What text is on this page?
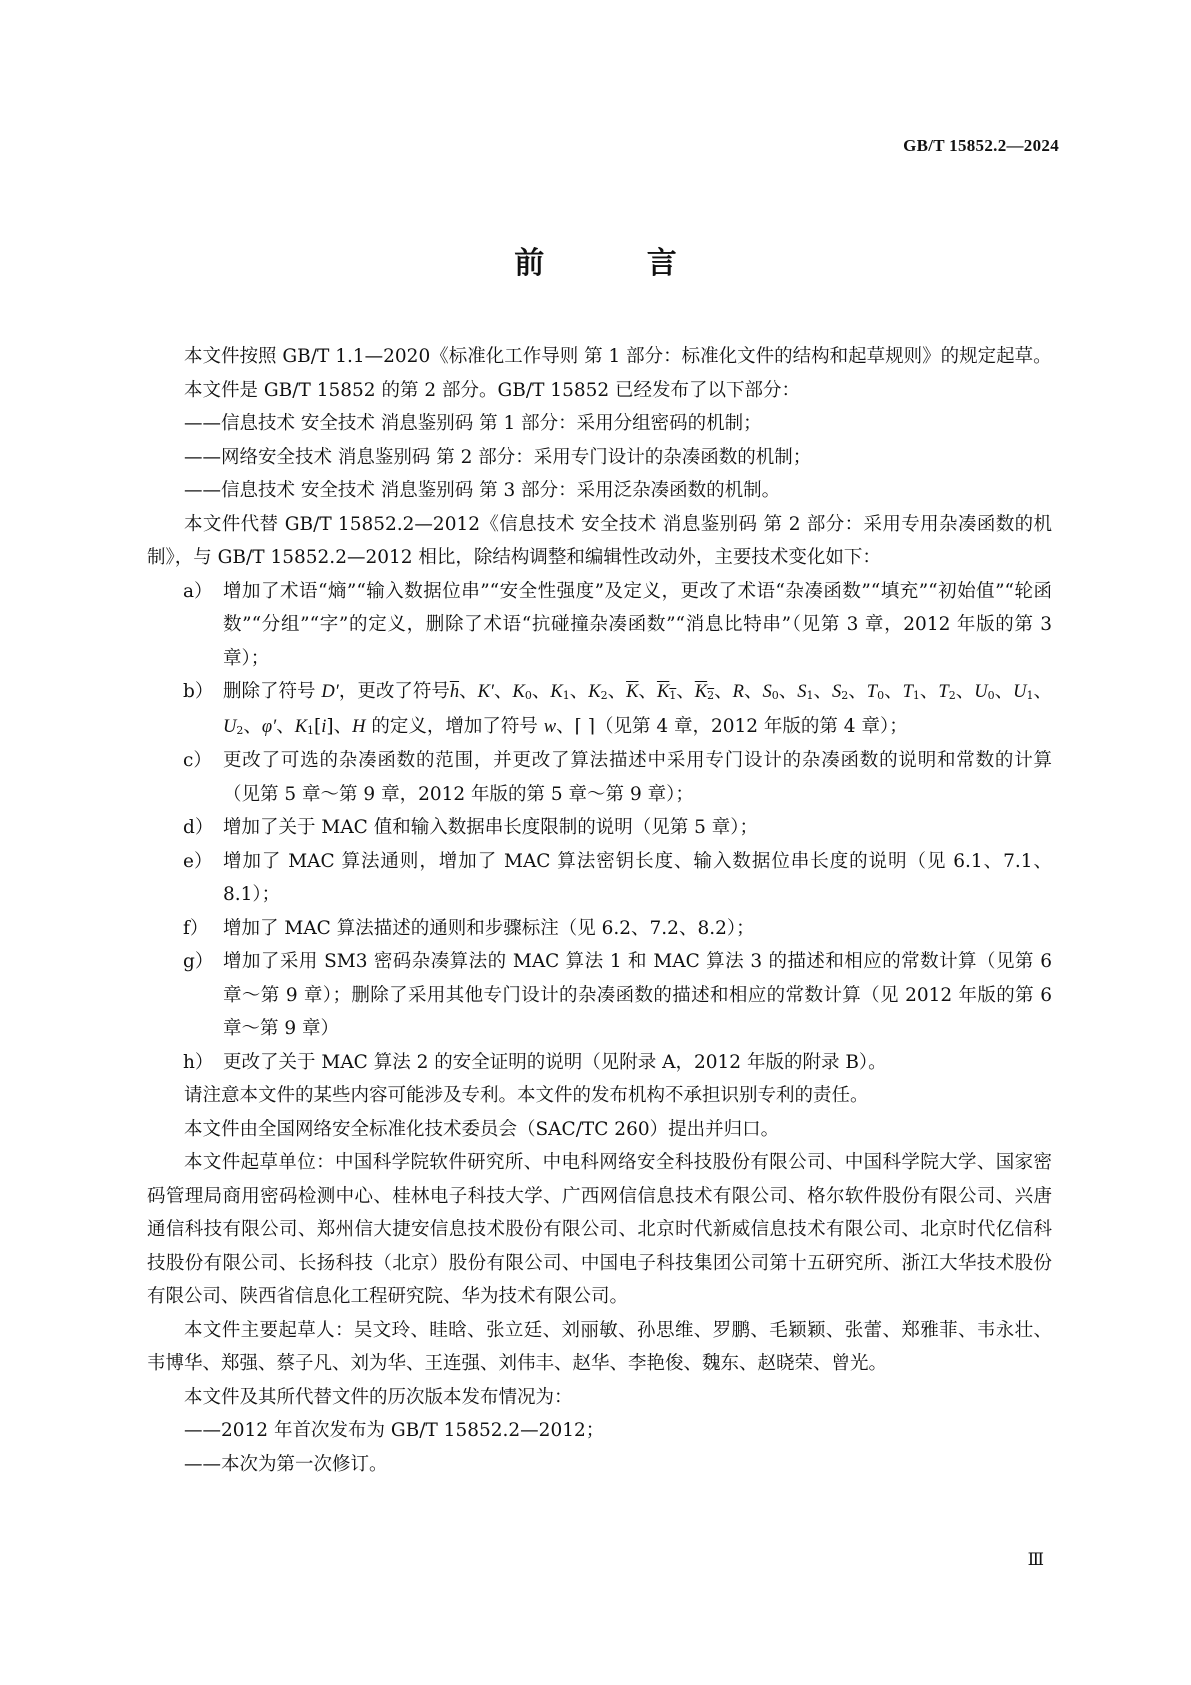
GB/T 15852.2—2024
前 言

本文件按照 GB/T 1.1—2020《标准化工作导则 第 1 部分：标准化文件的结构和起草规则》的规定起草。

本文件是 GB/T 15852 的第 2 部分。GB/T 15852 已经发布了以下部分：

——信息技术 安全技术 消息鉴别码 第 1 部分：采用分组密码的机制；

——网络安全技术 消息鉴别码 第 2 部分：采用专门设计的杂凑函数的机制；

——信息技术 安全技术 消息鉴别码 第 3 部分：采用泛杂凑函数的机制。

本文件代替 GB/T 15852.2—2012《信息技术 安全技术 消息鉴别码 第 2 部分：采用专用杂凑函数的机制》，与 GB/T 15852.2—2012 相比，除结构调整和编辑性改动外，主要技术变化如下：

a） 增加了术语“熵”“输入数据位串”“安全性强度”及定义，更改了术语“杂凑函数”“填充”“初始值”“轮函数”“分组”“字”的定义，删除了术语“抗碰撞杂凑函数”“消息比特串”（见第 3 章，2012 年版的第 3 章）；
b） 删除了符号 D′，更改了符号$\overline{h}$、K′、$K_0$、$K_1$、$K_2$、$\overline{K}$、$K_1$、$K_2$、R、$S_0$、$S_1$、$S_2$、$T_0$、$T_1$、$T_2$、$U_0$、$U_1$、$U_2$、φ′、$K_1[i]$、H 的定义，增加了符号 w、⌈ ⌉（见第 4 章，2012 年版的第 4 章）；
c） 更改了可选的杂凑函数的范围，并更改了算法描述中采用专门设计的杂凑函数的说明和常数的计算（见第 5 章～第 9 章，2012 年版的第 5 章～第 9 章）；
d） 增加了关于 MAC 值和输入数据串长度限制的说明（见第 5 章）；
e） 增加了 MAC 算法通则，增加了 MAC 算法密钥长度、输入数据位串长度的说明（见 6.1、7.1、8.1）；
f） 增加了 MAC 算法描述的通则和步骤标注（见 6.2、7.2、8.2）；
g） 增加了采用 SM3 密码杂凑算法的 MAC 算法 1 和 MAC 算法 3 的描述和相应的常数计算（见第 6 章～第 9 章）；删除了采用其他专门设计的杂凑函数的描述和相应的常数计算（见 2012 年版的第 6 章～第 9 章）
h） 更改了关于 MAC 算法 2 的安全证明的说明（见附录 A，2012 年版的附录 B）。

请注意本文件的某些内容可能涉及专利。本文件的发布机构不承担识别专利的责任。

本文件由全国网络安全标准化技术委员会（SAC/TC 260）提出并归口。

本文件起草单位：中国科学院软件研究所、中电科网络安全科技股份有限公司、中国科学院大学、国家密码管理局商用密码检测中心、桂林电子科技大学、广西网信信息技术有限公司、格尔软件股份有限公司、兴唐通信科技有限公司、郑州信大捷安信息技术股份有限公司、北京时代新威信息技术有限公司、北京时代亿信科技股份有限公司、长扬科技（北京）股份有限公司、中国电子科技集团公司第十五研究所、浙江大华技术股份有限公司、陕西省信息化工程研究院、华为技术有限公司。

本文件主要起草人：吴文玲、眭晗、张立廷、刘丽敏、孙思维、罗鹏、毛颖颖、张蕾、郑雅菲、韦永壮、韦博华、郑强、蔡子凡、刘为华、王连强、刘伟丰、赵华、李艳俊、魏东、赵晓荣、曾光。

本文件及其所代替文件的历次版本发布情况为：

——2012 年首次发布为 GB/T 15852.2—2012；

——本次为第一次修订。

Ⅲ
